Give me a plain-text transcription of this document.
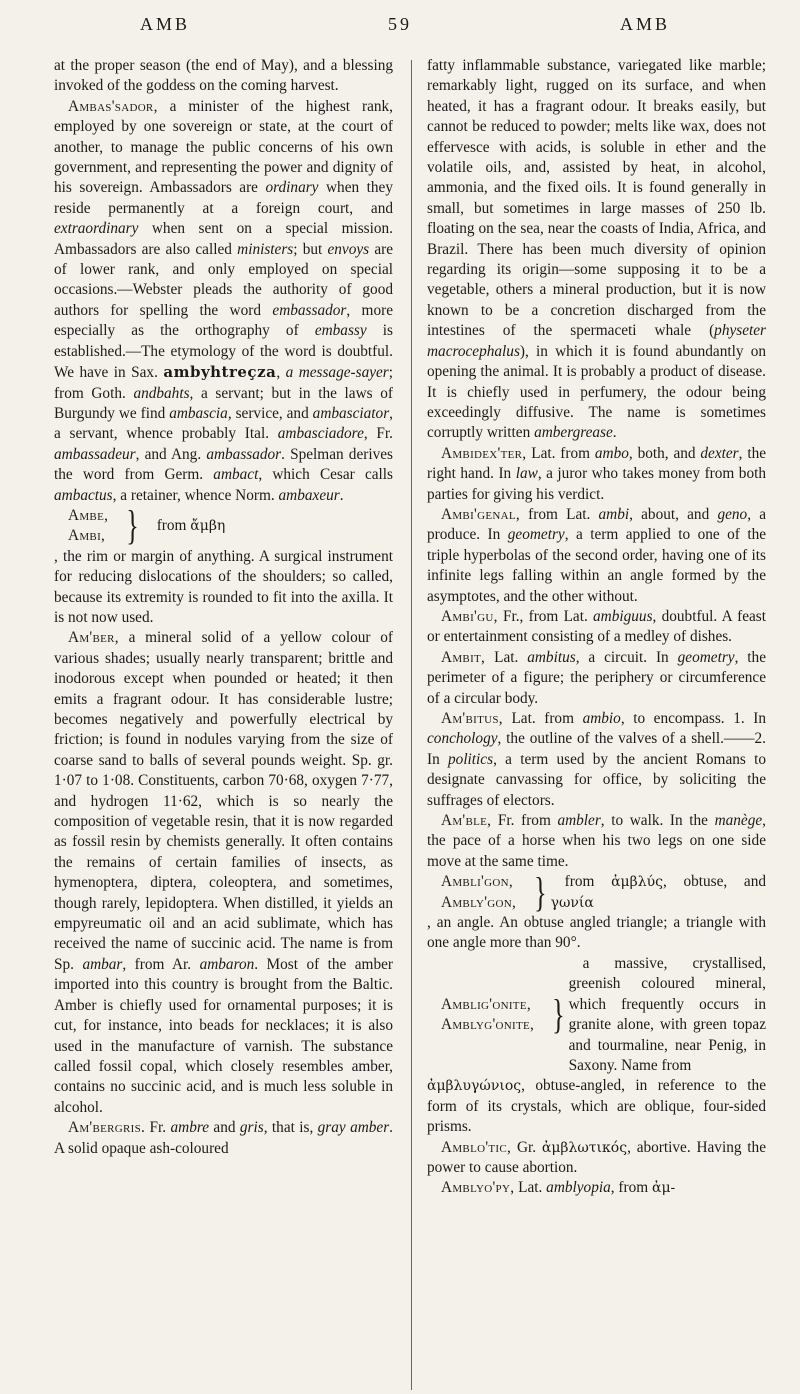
AMB	59	AMB

at the proper season (the end of May), and a blessing invoked of the goddess on the coming harvest.

Ambas'sador, a minister of the highest rank, employed by one sovereign or state, at the court of another, to manage the public concerns of his own government, and representing the power and dignity of his sovereign. Ambassadors are ordinary when they reside permanently at a foreign court, and extraordinary when sent on a special mission. Ambassadors are also called ministers; but envoys are of lower rank, and only employed on special occasions.—Webster pleads the authority of good authors for spelling the word embassador, more especially as the orthography of embassy is established.—The etymology of the word is doubtful. We have in Sax. ambyhtreçza, a message-sayer; from Goth. andbahts, a servant; but in the laws of Burgundy we find ambascia, service, and ambasciator, a servant, whence probably Ital. ambasciadore, Fr. ambassadeur, and Ang. ambassador. Spelman derives the word from Germ. ambact, which Cesar calls ambactus, a retainer, whence Norm. ambaxeur.

Ambe,
Ambi, }	from ἄμβη

, the rim or margin of anything. A surgical instrument for reducing dislocations of the shoulders; so called, because its extremity is rounded to fit into the axilla. It is not now used.

Am'ber, a mineral solid of a yellow colour of various shades; usually nearly transparent; brittle and inodorous except when pounded or heated; it then emits a fragrant odour. It has considerable lustre; becomes negatively and powerfully electrical by friction; is found in nodules varying from the size of coarse sand to balls of several pounds weight. Sp. gr. 1·07 to 1·08. Constituents, carbon 70·68, oxygen 7·77, and hydrogen 11·62, which is so nearly the composition of vegetable resin, that it is now regarded as fossil resin by chemists generally. It often contains the remains of certain families of insects, as hymenoptera, diptera, coleoptera, and sometimes, though rarely, lepidoptera. When distilled, it yields an empyreumatic oil and an acid sublimate, which has received the name of succinic acid. The name is from Sp. ambar, from Ar. ambaron. Most of the amber imported into this country is brought from the Baltic. Amber is chiefly used for ornamental purposes; it is cut, for instance, into beads for necklaces; it is also used in the manufacture of varnish. The substance called fossil copal, which closely resembles amber, contains no succinic acid, and is much less soluble in alcohol.

Am'bergris. Fr. ambre and gris, that is, gray amber. A solid opaque ash-coloured

fatty inflammable substance, variegated like marble; remarkably light, rugged on its surface, and when heated, it has a fragrant odour. It breaks easily, but cannot be reduced to powder; melts like wax, does not effervesce with acids, is soluble in ether and the volatile oils, and, assisted by heat, in alcohol, ammonia, and the fixed oils. It is found generally in small, but sometimes in large masses of 250 lb. floating on the sea, near the coasts of India, Africa, and Brazil. There has been much diversity of opinion regarding its origin—some supposing it to be a vegetable, others a mineral production, but it is now known to be a concretion discharged from the intestines of the spermaceti whale (physeter macrocephalus), in which it is found abundantly on opening the animal. It is probably a product of disease. It is chiefly used in perfumery, the odour being exceedingly diffusive. The name is sometimes corruptly written ambergrease.

Ambidex'ter, Lat. from ambo, both, and dexter, the right hand. In law, a juror who takes money from both parties for giving his verdict.

Ambi'genal, from Lat. ambi, about, and geno, a produce. In geometry, a term applied to one of the triple hyperbolas of the second order, having one of its infinite legs falling within an angle formed by the asymptotes, and the other without.

Ambi'gu, Fr., from Lat. ambiguus, doubtful. A feast or entertainment consisting of a medley of dishes.

Ambit, Lat. ambitus, a circuit. In geometry, the perimeter of a figure; the periphery or circumference of a circular body.

Am'bitus, Lat. from ambio, to encompass. 1. In conchology, the outline of the valves of a shell.——2. In politics, a term used by the ancient Romans to designate canvassing for office, by soliciting the suffrages of electors.

Am'ble, Fr. from ambler, to walk. In the manège, the pace of a horse when his two legs on one side move at the same time.

Ambli'gon,
Ambly'gon, }	from ἀμβλύς, obtuse, and γωνία

, an angle. An obtuse angled triangle; a triangle with one angle more than 90°.

Amblig'onite,
Amblyg'onite, }
a massive, crystallised, greenish coloured mineral, which frequently occurs in granite alone, with green topaz and tourmaline, near Penig, in Saxony. Name from

ἀμβλυγώνιος, obtuse-angled, in reference to the form of its crystals, which are oblique, four-sided prisms.

Amblo'tic, Gr. ἀμβλωτικός, abortive. Having the power to cause abortion.

Amblyo'py, Lat. amblyopia, from ἀμ-
